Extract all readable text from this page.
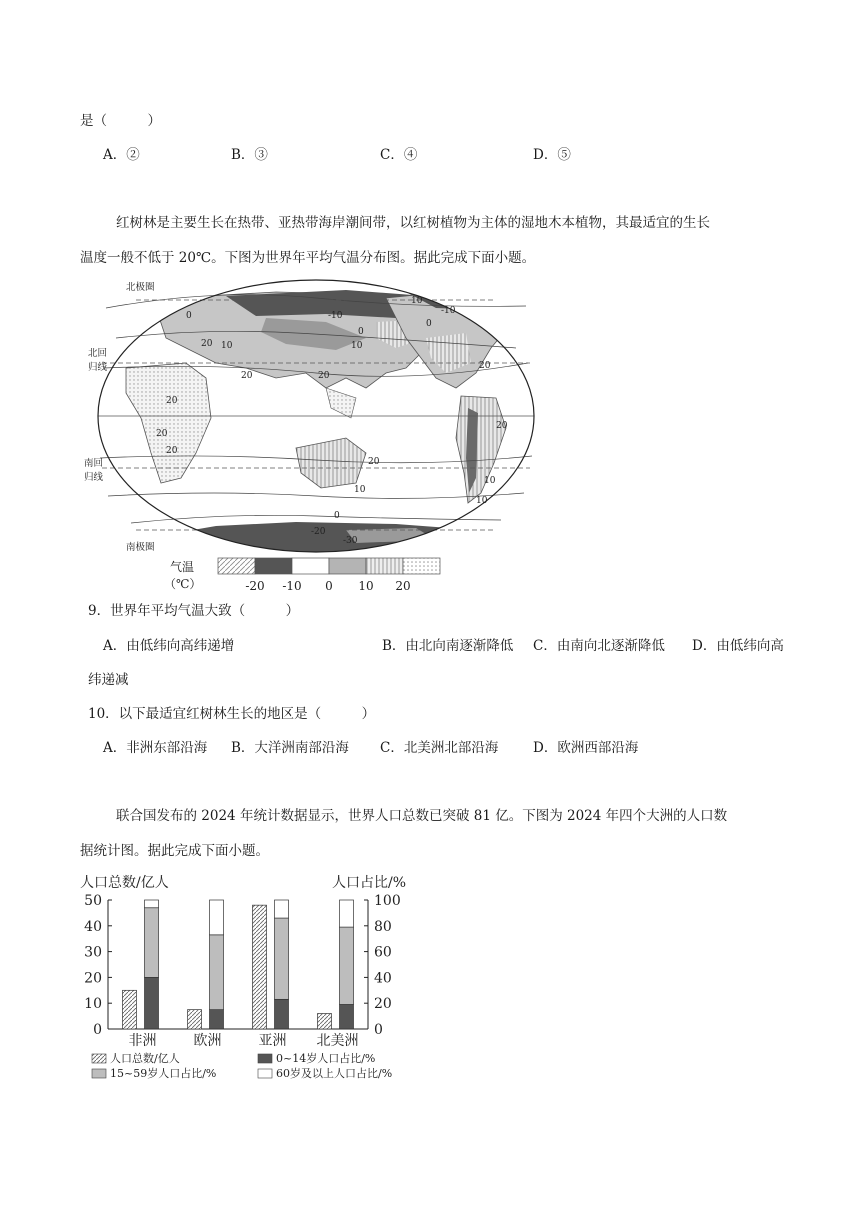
是（　　　）
A．②	B．③	C．④	D．⑤
红树林是主要生长在热带、亚热带海岸潮间带，以红树植物为主体的湿地木本植物，其最适宜的生长
温度一般不低于 20℃。下图为世界年平均气温分布图。据此完成下面小题。
-10	-10
0
10
20
20
20
20
20
20
20
10
10
0
-20
-30
20 10
0
10
20
10
0
北极圈
北回
归线
南回
归线
南极圈
气温
（℃）	-20 -10 0 10 20
9．世界年平均气温大致（　　　）
A．由低纬向高纬递增	B．由北向南逐渐降低 C．由南向北逐渐降低 D．由低纬向高
纬递减
10．以下最适宜红树林生长的地区是（　　　）
A．非洲东部沿海 B．大洋洲南部沿海 C．北美洲北部沿海	D．欧洲西部沿海
联合国发布的 2024 年统计数据显示，世界人口总数已突破 81 亿。下图为 2024 年四个大洲的人口数
据统计图。据此完成下面小题。
人口总数/亿人	人口占比/%
0
10
20
30
40
50
0
20
40
60
80
100
非洲	欧洲	亚洲 北美洲
人口总数/亿人	0~14岁人口占比/%
15~59岁人口占比/%	60岁及以上人口占比/%
